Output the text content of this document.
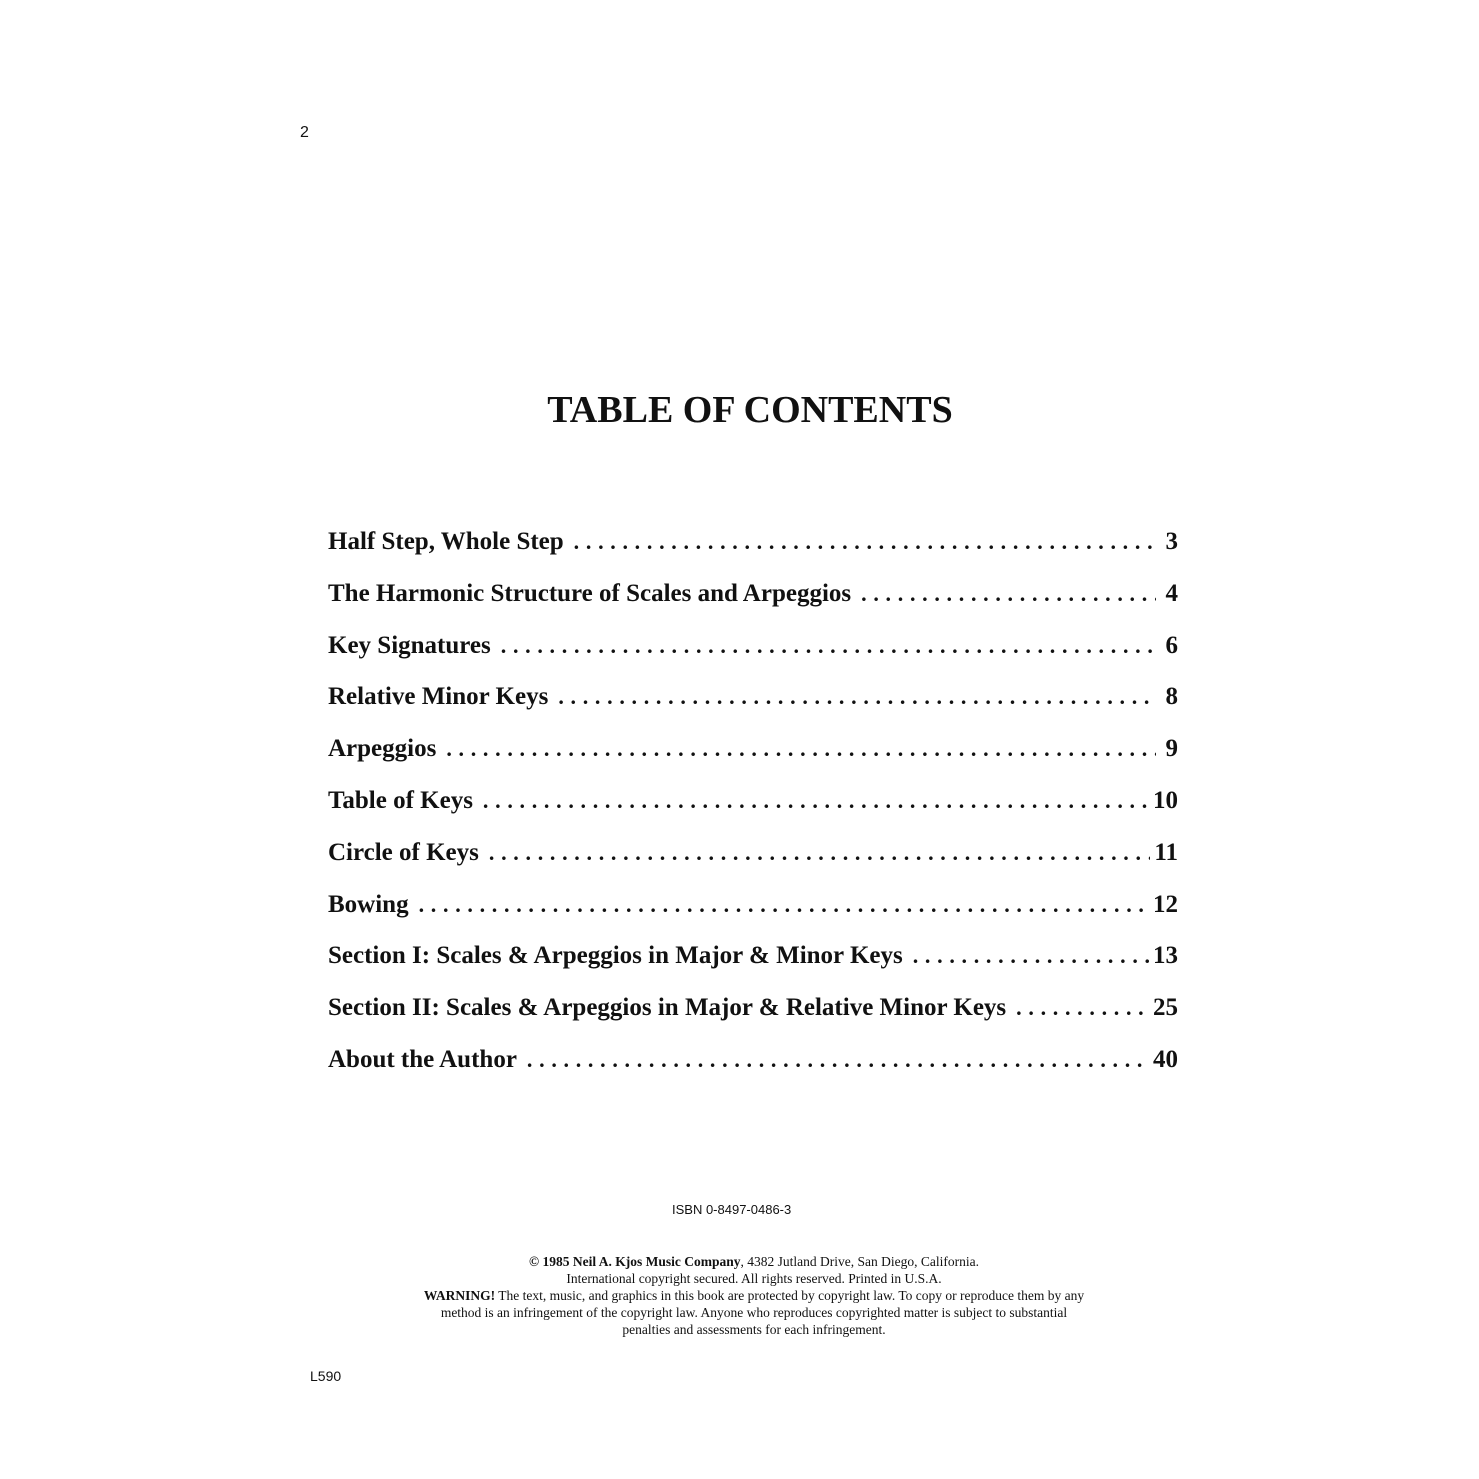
2
TABLE OF CONTENTS
Half Step, Whole Step . . .	3
The Harmonic Structure of Scales and Arpeggios . . .	4
Key Signatures . . .	6
Relative Minor Keys . . .	8
Arpeggios . . .	9
Table of Keys . . .	10
Circle of Keys . . .	11
Bowing . . .	12
Section I: Scales & Arpeggios in Major & Minor Keys . . .	13
Section II: Scales & Arpeggios in Major & Relative Minor Keys . . .	25
About the Author . . .	40
ISBN 0-8497-0486-3
© 1985 Neil A. Kjos Music Company, 4382 Jutland Drive, San Diego, California.
International copyright secured. All rights reserved. Printed in U.S.A.
WARNING! The text, music, and graphics in this book are protected by copyright law. To copy or reproduce them by any
method is an infringement of the copyright law. Anyone who reproduces copyrighted matter is subject to substantial
penalties and assessments for each infringement.
L590
